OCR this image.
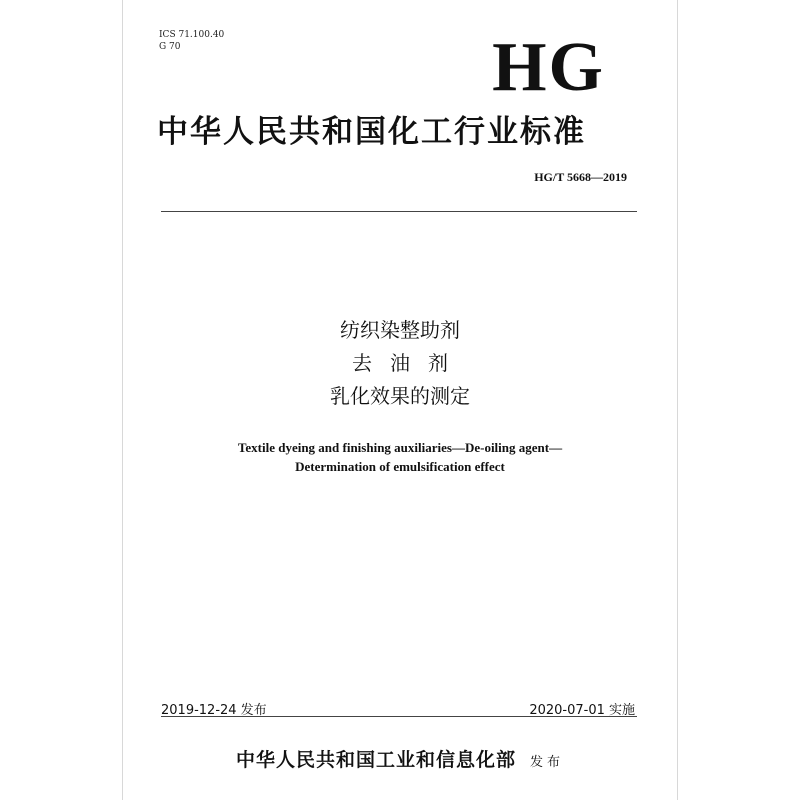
ICS 71.100.40
G 70	HG
中华人民共和国化工行业标准
HG/T 5668—2019
纺织染整助剂
去油剂
乳化效果的测定
Textile dyeing and finishing auxiliaries—De-oiling agent—
Determination of emulsification effect
2019-12-24 发布	2020-07-01 实施
中华人民共和国工业和信息化部 发布
